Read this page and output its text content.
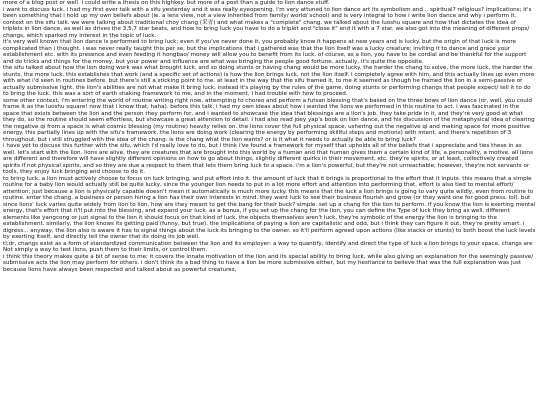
more of a blog post or well. i could write a thesis on this highkey. but more of a post than a guide to lion dance stuff.

i want to discuss luck. i had my first ever talk with a sifu yesterday and it was really eyeopening. i'm very attuned to lion dance art its symbolism and .. spiritual? religious? implications; it's been something that i hold up my own beliefs about (ie. a lens view, not a view inherited from family/ world/ school) and is very integral to how i write lion dance and why i perform it.

context on the sifu talk. we were talking about traditional choy chang (采青) and what makes a "complete" chang. we talked about the luoshu square and how that dictates the idea of triplets in lion dance, as well as drives the 3,5,7 star beats, and how to bring luck you have to do a triplet and "close it" end it with a 7 star. we also got into the meaning of different props/ changs, which sparked my interest in the topic of luck.

it's very well known that lion dance is performed to bring luck; even if you've never done it, you probably know it happens at new years and is lucky. but the origin of that luck is more complicated than i thought. i was never really taught this per se, but the implications that i gathered was that the lion itself was a lucky creature; inviting it to dance and grace your establishment etc. with its presence and even feeding it hongbao/ money will allow you to benefit from its luck. of course, as a lion, you have to be cordial and be thankful for the support and do tricks and things for the money, but your power and influence are what was bringing the people good fortune. actually, it's quite the opposite.

the sifu talked about how the lion doing work was what brought luck, and so doing stunts or having chang would be more lucky. the harder the chang to solve, the more luck, the harder the stunts, the more luck. this establishes that work (and a specific set of actions) is how the lion brings luck, not the lion itself. i completely agree with him, and this actually lines up even more with what i'd seen in routines before. but there's still a sticking point to me. at least in the way that the sifu framed it, to me it seemed as though he framed the lion in a semi-passive or actually submissive light. the lion's abilities are not what make it bring luck, instead it's playing by the rules of the game, doing stunts or performing changs that people expect/ tell it to do to bring the luck. this was a sort of earth shaking framework to me, and in the moment, i had trouble with how to proceed.

some other context, i'm entering the world of routine writing right now, attempting to choreo and perform a futsan blessing that's based on the three bows of lion dance (or, well, you could frame it as the luoshu square! now that i know that, haha). before this talk, i had my own ideas about how i wanted the lions we performed in this routine to act. i was fascinated in the space that exists between the lion and the person they perform for, and i wanted to showcase the idea that blessings are a lion's job. they take pride in it, and they're very good at what they do, so the routine should seem effortless, but showcase a great attention to detail. i had also read joey yap's book on lion dance, and his discussion of the metaphysical idea of clearing the negative qi from a space is what cosmic blessing (my routine) heavily relies on. the lions cover the full physical space, ushering out the negative qi and making space for more positive energy. this partially lines up with the sifu's framework. the lions are doing work (clearing the energy by performing skillful steps and motions) with intent, and there's repetition of 3 throughout. but i still struggled with the idea of the chang. is the chang what the lion wants? or is it what it needs to actually be able to bring luck?

i have yet to discuss this further with the sifu, which i'd really love to do, but i think i've found a framework for myself that upholds all of the beliefs that i appreciate and ties these in as well. let's start with the lion. lions are alive. they are creatures that are brought into this world by a human and that human gives them a certain kind of life, a personality, a motive. all lions are different and therefore will have slightly different opinions on how to go about things, slightly different quirks in their movement, etc. they're spirits, or at least, collectively created spirits if not physical spirits, and so they are due a respect to them that lets them bring luck to a space. i'm a lion's powerful, but they're not unreachable; however, they're not servants or tools, they enjoy luck bringing and choose to do it.

to bring luck, a lion must actively choose to focus on luck bringing, and put effort into it. the amount of luck that it brings is proportional to the effort that it inputs. this means that a simple routine for a baby lion would actually still be quite lucky, since the younger lion needs to put in a lot more effort and attention into performing that. effort is also tied to mental effort/ attention; just because a lion is physically capable doesn't mean it automatically is much more lucky. this means that the luck a lion brings is going to vary quite wildly, even from routine to routine. enter the chang. a business or person hiring a lion has their own interests in mind. they want luck to see their business flourish and grow (or they want one for good press. lol). but since lions' luck varies quite widely from lion to lion, how are they meant to get the bang for their buck? simple. set up a chang for the lion to perform. if you know the lion is exerting mental energy, that's effort that it'll put into the blessing, and expand your luck. as a bonus, if you set up the chang for the lion, you can define the Type of luck they bring as well. different elements like yangcong or juzi signal to the lion it should focus on that kind of luck. the objects themselves aren't luck, they're symbolic of the energy the lion is bringing to the establishment. similarly, the lion knows its getting paid (funny, but true). the implications of paying a lion are capitalistic and odd, but i think they can figure it out, they're pretty smart. i digress... anyway, the lion also is aware it has to signal things about the luck its bringing to the owner. so it'll perform agreed upon actions (like stacks or stunts) to both boost the luck levels by exerting itself, and directly tell the owner that its doing its job well.

tl;dr, changs exist as a form of standardized communication between the lion and its employer: a way to quantify, identify and direct the type of luck a lion brings to your space. changs are Not simply a way to test lions, push them to their limits, or control them.

i think this theory makes quite a bit of sense to me; it covers the innate motivation of the lion and its special ability to bring luck, while also giving an explanation for the seemingly passive/ submissive acts the lion may perform for others. i don't think its a bad thing to have a lion be more submissive either, but my hesitance to believe that was the full explanation was just because lions have always been respected and talked about as powerful creatures,
